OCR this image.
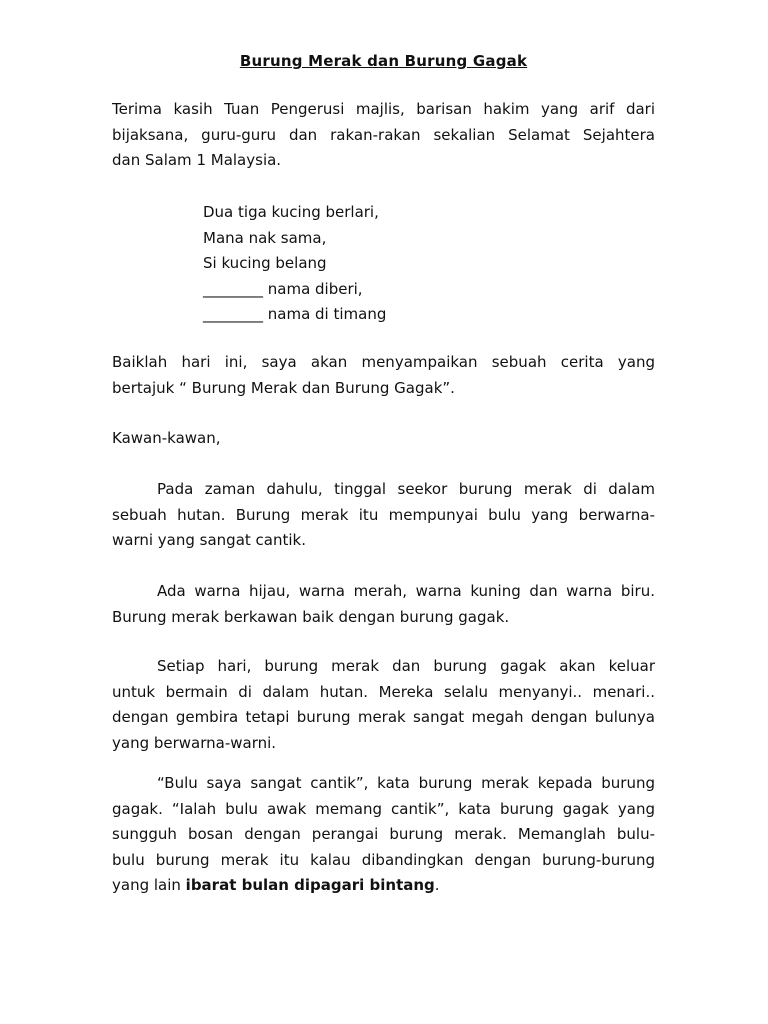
Burung Merak dan Burung Gagak
Terima kasih Tuan Pengerusi majlis, barisan hakim yang arif dari
bijaksana, guru-guru dan rakan-rakan sekalian Selamat Sejahtera
dan Salam 1 Malaysia.
Dua tiga kucing berlari,
Mana nak sama,
Si kucing belang
________ nama diberi,
________ nama di timang
Baiklah hari ini, saya akan menyampaikan sebuah cerita yang
bertajuk “ Burung Merak dan Burung Gagak”.
Kawan-kawan,
Pada zaman dahulu, tinggal seekor burung merak di dalam
sebuah hutan. Burung merak itu mempunyai bulu yang berwarna-
warni yang sangat cantik.
Ada warna hijau, warna merah, warna kuning dan warna biru.
Burung merak berkawan baik dengan burung gagak.
Setiap hari, burung merak dan burung gagak akan keluar
untuk bermain di dalam hutan. Mereka selalu menyanyi.. menari..
dengan gembira tetapi burung merak sangat megah dengan bulunya
yang berwarna-warni.
“Bulu saya sangat cantik”, kata burung merak kepada burung
gagak. “Ialah bulu awak memang cantik”, kata burung gagak yang
sungguh bosan dengan perangai burung merak. Memanglah bulu-
bulu burung merak itu kalau dibandingkan dengan burung-burung
yang lain ibarat bulan dipagari bintang.
